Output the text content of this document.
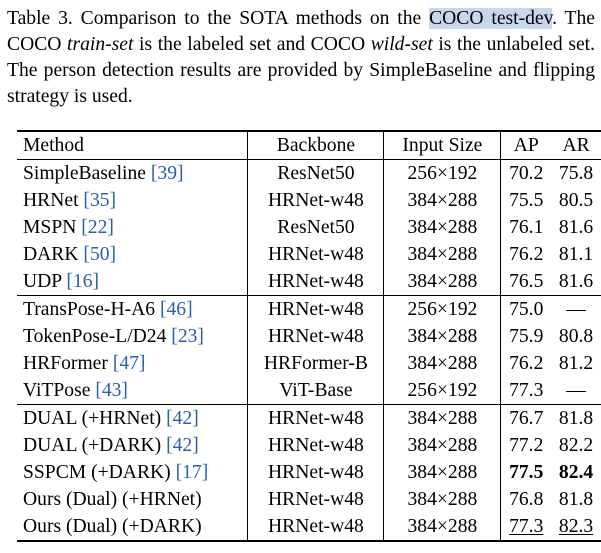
Table 3. Comparison to the SOTA methods on the COCO test-dev. The COCO train-set is the labeled set and COCO wild-set is the unlabeled set. The person detection results are provided by SimpleBaseline and flipping strategy is used.
Method	Backbone	Input Size	AP	AR
SimpleBaseline [39]	ResNet50	256×192	70.2	75.8
HRNet [35]	HRNet-w48	384×288	75.5	80.5
MSPN [22]	ResNet50	384×288	76.1	81.6
DARK [50]	HRNet-w48	384×288	76.2	81.1
UDP [16]	HRNet-w48	384×288	76.5	81.6
TransPose-H-A6 [46]	HRNet-w48	256×192	75.0	—
TokenPose-L/D24 [23]	HRNet-w48	384×288	75.9	80.8
HRFormer [47]	HRFormer-B	384×288	76.2	81.2
ViTPose [43]	ViT-Base	256×192	77.3	—
DUAL (+HRNet) [42]	HRNet-w48	384×288	76.7	81.8
DUAL (+DARK) [42]	HRNet-w48	384×288	77.2	82.2
SSPCM (+DARK) [17]	HRNet-w48	384×288	77.5	82.4
Ours (Dual) (+HRNet)	HRNet-w48	384×288	76.8	81.8
Ours (Dual) (+DARK)	HRNet-w48	384×288	77.3	82.3
